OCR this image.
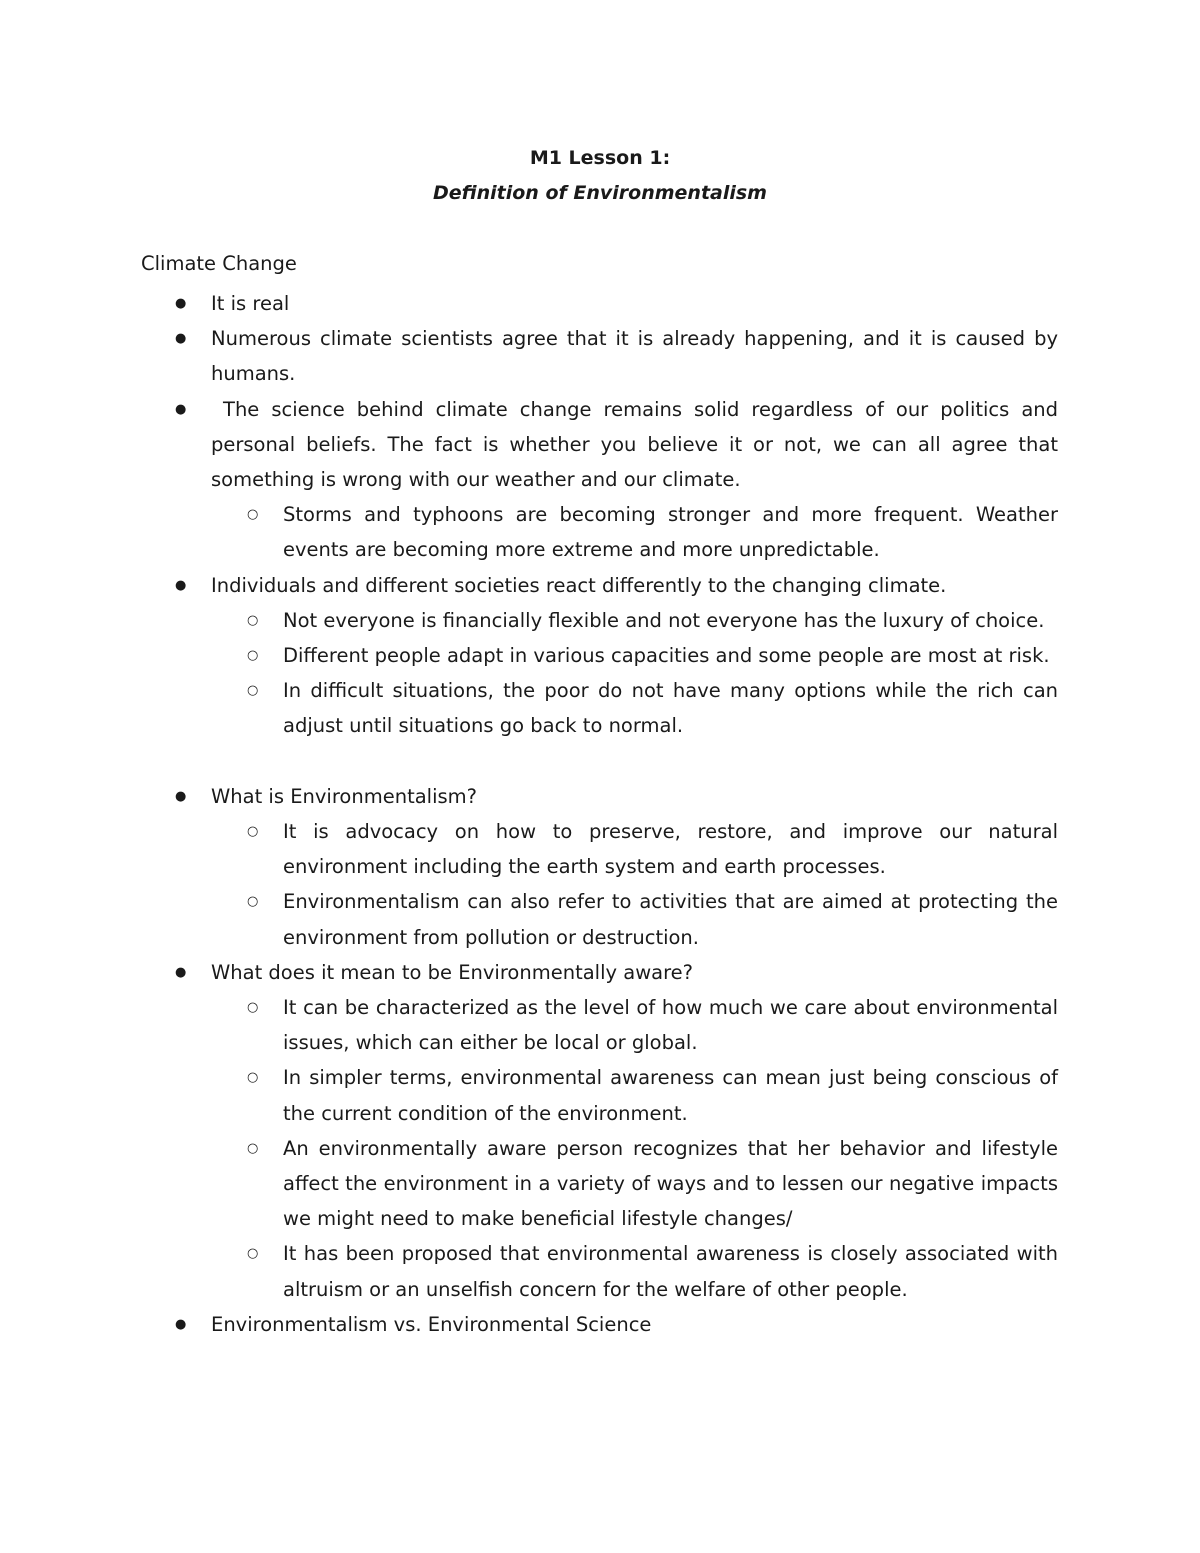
M1 Lesson 1:
Definition of Environmentalism
Climate Change
● It is real
● Numerous climate scientists agree that it is already happening, and it is caused by humans.
● The science behind climate change remains solid regardless of our politics and personal beliefs. The fact is whether you believe it or not, we can all agree that something is wrong with our weather and our climate.
○ Storms and typhoons are becoming stronger and more frequent. Weather events are becoming more extreme and more unpredictable.
● Individuals and different societies react differently to the changing climate.
○ Not everyone is financially flexible and not everyone has the luxury of choice.
○ Different people adapt in various capacities and some people are most at risk.
○ In difficult situations, the poor do not have many options while the rich can adjust until situations go back to normal.
● What is Environmentalism?
○ It is advocacy on how to preserve, restore, and improve our natural environment including the earth system and earth processes.
○ Environmentalism can also refer to activities that are aimed at protecting the environment from pollution or destruction.
● What does it mean to be Environmentally aware?
○ It can be characterized as the level of how much we care about environmental issues, which can either be local or global.
○ In simpler terms, environmental awareness can mean just being conscious of the current condition of the environment.
○ An environmentally aware person recognizes that her behavior and lifestyle affect the environment in a variety of ways and to lessen our negative impacts we might need to make beneficial lifestyle changes/
○ It has been proposed that environmental awareness is closely associated with altruism or an unselfish concern for the welfare of other people.
● Environmentalism vs. Environmental Science
